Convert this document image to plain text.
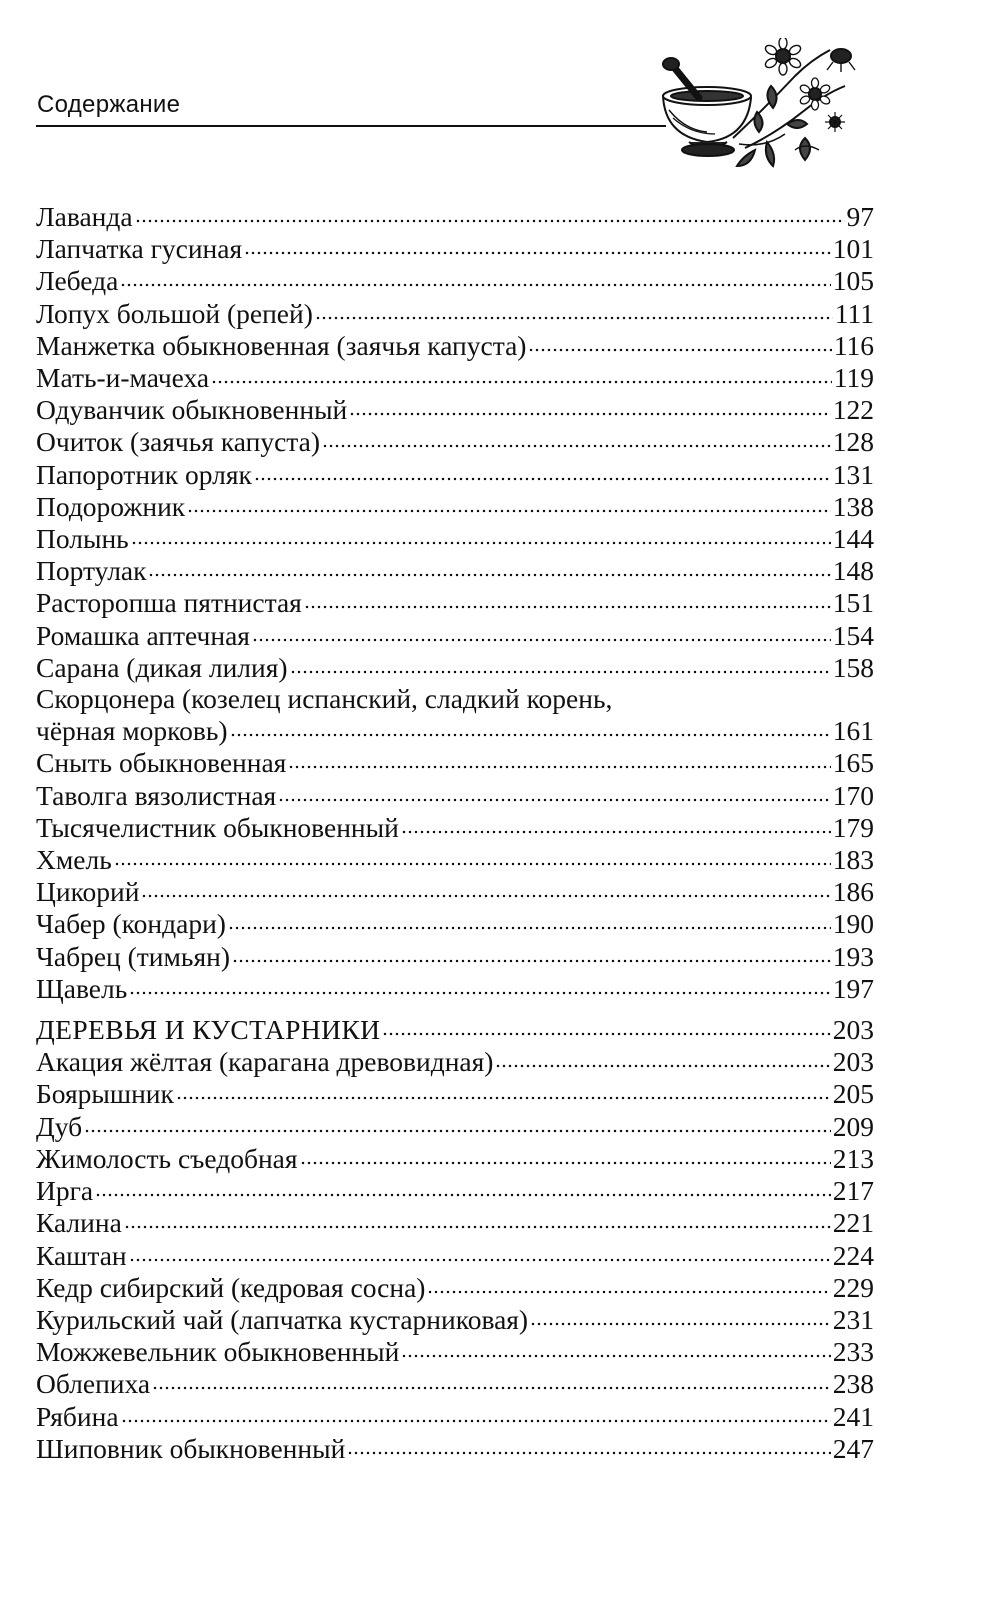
Содержание
Лаванда	97
Лапчатка гусиная	101
Лебеда	105
Лопух большой (репей)	111
Манжетка обыкновенная (заячья капуста)	116
Мать-и-мачеха	119
Одуванчик обыкновенный	122
Очиток (заячья капуста)	128
Папоротник орляк	131
Подорожник	138
Полынь	144
Портулак	148
Расторопша пятнистая	151
Ромашка аптечная	154
Сарана (дикая лилия)	158
Скорцонера (козелец испанский, сладкий корень,
чёрная морковь)	161
Сныть обыкновенная	165
Таволга вязолистная	170
Тысячелистник обыкновенный	179
Хмель	183
Цикорий	186
Чабер (кондари)	190
Чабрец (тимьян)	193
Щавель	197
ДЕРЕВЬЯ И КУСТАРНИКИ	203
Акация жёлтая (карагана древовидная)	203
Боярышник	205
Дуб	209
Жимолость съедобная	213
Ирга	217
Калина	221
Каштан	224
Кедр сибирский (кедровая сосна)	229
Курильский чай (лапчатка кустарниковая)	231
Можжевельник обыкновенный	233
Облепиха	238
Рябина	241
Шиповник обыкновенный	247
